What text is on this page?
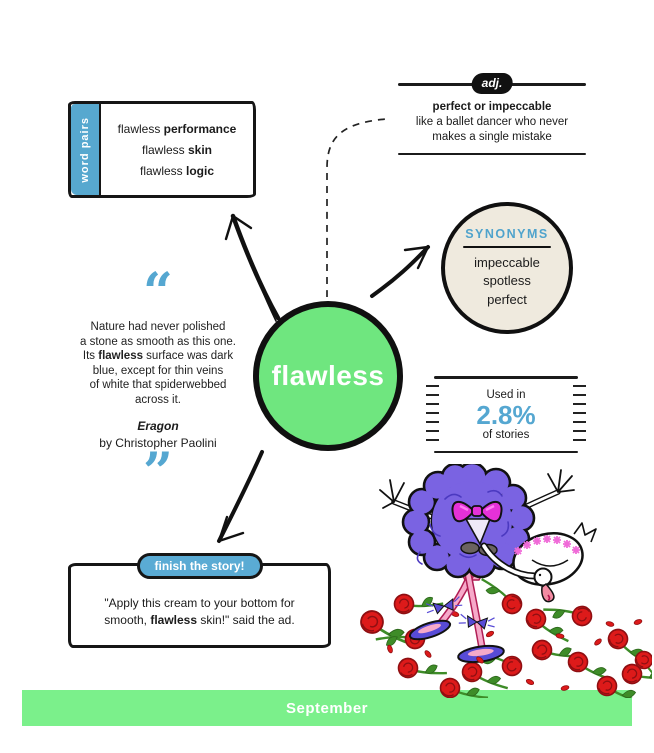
word pairs flawless performance
flawless skin
flawless logic
adj.
perfect or impeccable
like a ballet dancer who never
makes a single mistake
SYNONYMS
impeccable
spotless
perfect
Used in
2.8%
of stories
“
Nature had never polished
a stone as smooth as this one.
Its flawless surface was dark
blue, except for thin veins
of white that spiderwebbed
across it.
Eragon
by Christopher Paolini
”
flawless
finish the story!
"Apply this cream to your bottom for
smooth, flawless skin!" said the ad.
September
